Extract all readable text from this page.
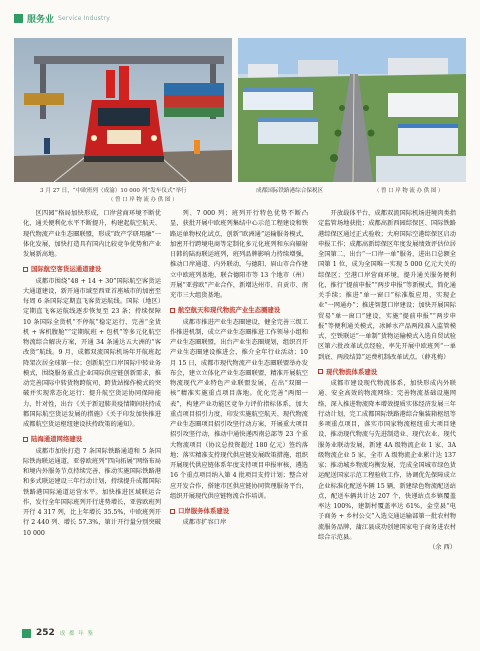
服务业 Service Industry
3 月 27 日，“中欧班列（成渝）10 000 列”发车仪式”举行
（ 曾 口 岸 物 流 办 供 图 ）
成都国际铁路港综合保税区	（ 曾 口 岸 物 流 办 供 图 ）

区四园”格局加快形成，口岸营商环境不断优化，通关便利化水平不断提升，构建起航空航天、现代物流产业生态圈联盟，形成“政产学研用融”一体化发展，加快打造具有国内比较竞争优势和产业发展新高地。

国际航空客货运通道建设

成都市围绕“48 + 14 + 30”国际航空客货运大通道建设，新开通市域至西亚首座城市的加密至每周 6 条国际定期直飞客货运航线。国际（地区）定期直飞客运航线逐步恢复至 23 条；持续保障 10 条国际全货机“不停航”稳定运行，完善“全货机 + 客机腹舱”“定期航班 + 包机”等多元化航空物流综合解决方案，开通 34 条通达五大洲的“客改货”航线。9 月，成都双流国际机场年开航班起降架次居全球第一位；创新航空口岸国际中转业务模式，围绕服务重点企业国际供应链创新需求，推动完善国际中转货物跨航司、跨货站操作模式的突破并实现常态化运行；提升航空货运协同保障能力，针对性，出台《关于新冠肺炎疫情期间扶持成都国际航空货运发展的措施》《关于印发加快推进成都航空货运枢纽建设扶持政策的通知》。

陆海通道网络建设

成都市加快打造 7 条国际铁路通道和 5 条国际铁海联运通道，亚蓉欧班列“四向拓展”网络布局和境内外服务节点持续完善，推动实施国际铁路港和多式联运建设三年行动计划，持续提升成都国际铁路港国际通道运营水平。加快推进区域联运合作，发行全年国际班列开行进势增长，亚蓉欧班列开行 4 317 列，比上年增长 35.5%，中欧班列开行 2 440 列、增长 57.3%，第计开行量分别突破 10 000

列、7 000 列；班列开行特色优势不断凸显，获批开展中欧班列集结中心示范工程建设和铁路运单物权化试点，创新“欧洲通”运输服务模式，加密开行跨境电商等定制化多元化班列和东向辐射日韩的陆海联运班列，班列品牌影响力持续增强，推动口岸通道、内外联动，与德阳、眉山市合作建立中欧班列基地，联合德阳市等 13 个地市（州）开展“亚蓉欧”产业合作，新增达州市、自贡市、南充市三大组货基地。

航空航天和现代物流产业生态圈建设

成都市推进产业生态圈建设，健全完善三级工作推进机制，成立产业生态圈推进工作领导小组和产业生态圈联盟，出台产业生态圈规划，组织召开产业生态圈建设推进会，推介全年行业活动；10 月 15 日，成都市现代物流产业生态圈联盟举办发布会，建立立体化产业生态圈联盟，精准开展航空物流现代产业特色产业联盟发展，在出“双圈一核”精准实施重点项目落地。优化完善“两图一表”，构建产业功能区竞争力评价指标体系，加大重点项目招引力度，印发实施航空航天、现代物流产业生态圈项目招引攻坚行动方案，开展重大项目招引攻坚行动，推动中通快递西南总部等 23 个重大物流项目（协议总投资超过 180 亿元）签约落地；落实精准支持现代供应链发展政策措施，组织开展现代供应链体系年度支持项目申报审核，遴选 16 个重点项目纳入第 4 批项目支持计划；整合对应开发合作，搭建市区供应链协同管理服务平台，组织开展现代供应链物流合作培训。

口岸服务体系建设

成都市扩容口岸

开放载体平台，成都双流国际机场进境肉类指定监管场地获批；成都高新西园综保区、国际铁路港综保区通过正式验收；大府国际空港综保区启动申报工作；成都高新综保区年度发展绩效评估位居全国第二，出台“一口岸一单”服务，进出口总额全国第 1 位，成为全国唯一实现 5 000 亿元大关的综保区；空港口岸营商环境，提升通关服务便利化，推行“提前申报”“两步申报”等新模式，简化通关手续；推进“单一窗口”标准版应用，实现企业“一网通办”；推进智慧口岸建设；加快开展国际贸易“单一窗口”建设，实施“提前申报”“两步申报”等便利通关模式，冰鲜水产品两段准入监管模式、空铁联运“一单制”货物运输模式入选自贸试验区第六批改革试点经验，率先开展中欧班列“一单到底、两段结算”运费机制改革试点。（薛兆梅）

现代物流体系建设

成都市建设现代物流体系，加快形成内外联通、安全高效的物流网络；完善物流基础设施网络，深入推进物流降本增效提质实体经济发展三年行动计划，完工成都国际铁路港综合集装箱枢纽等多项重点项目，落实市国家物流枢纽重大项目建设，推动现代物流与先进制造业、现代农业、现代服务业联动发展，新建 4A 级物流企业 1 家、3A 级物流企业 5 家，全市 A 级物流企业累计达 137 家；推动城乡物流均衡发展，完成全国城市绿色货运配送国家示范工程验收工作，协调优先保障成立企业标准化配送车辆 15 辆，新建绿色物流配送站点，配送车辆共计达 207 个，快递站点乡镇覆盖率达 100%，建制村覆盖率达 61%，金堂县“电子商务 + 乡村公交”入选交通运输部第一批农村物流服务品牌，蒲江县成功创建国家电子商务进农村综合示范县。

（余 西）

252 成 都 年 鉴
